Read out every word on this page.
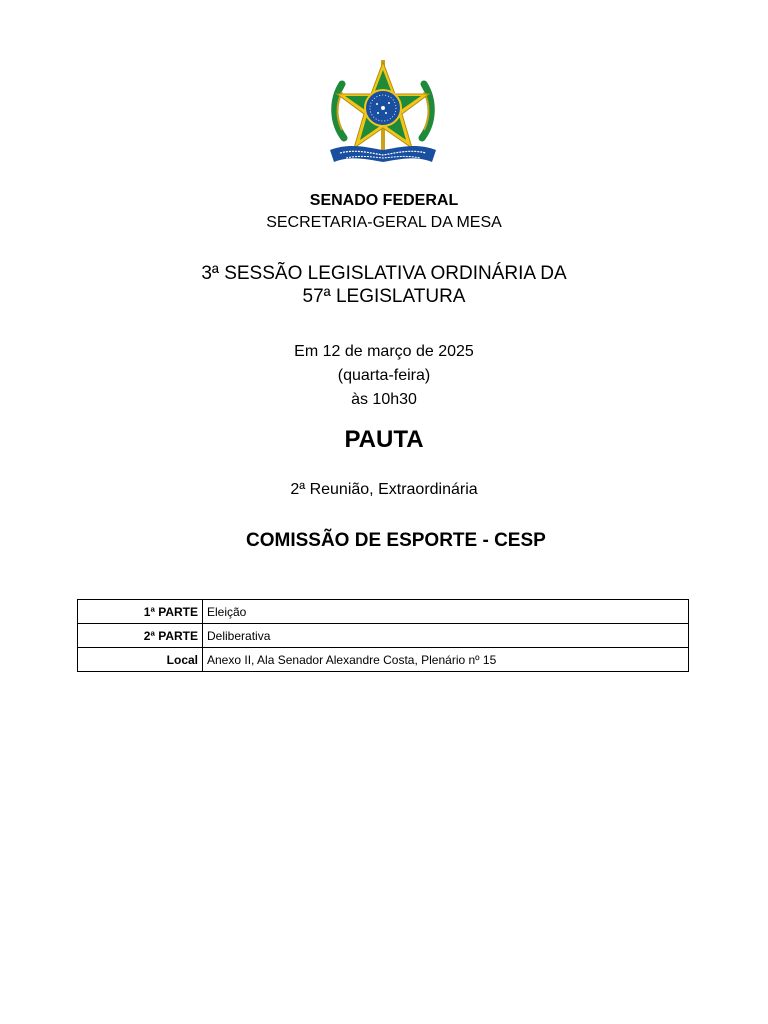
SENADO FEDERAL
SECRETARIA-GERAL DA MESA
3ª SESSÃO LEGISLATIVA ORDINÁRIA DA
57ª LEGISLATURA
Em 12 de março de 2025
(quarta-feira)
às 10h30
PAUTA
2ª Reunião, Extraordinária
COMISSÃO DE ESPORTE - CESP
1ª PARTE	Eleição
2ª PARTE	Deliberativa
Local	Anexo II, Ala Senador Alexandre Costa, Plenário nº 15
